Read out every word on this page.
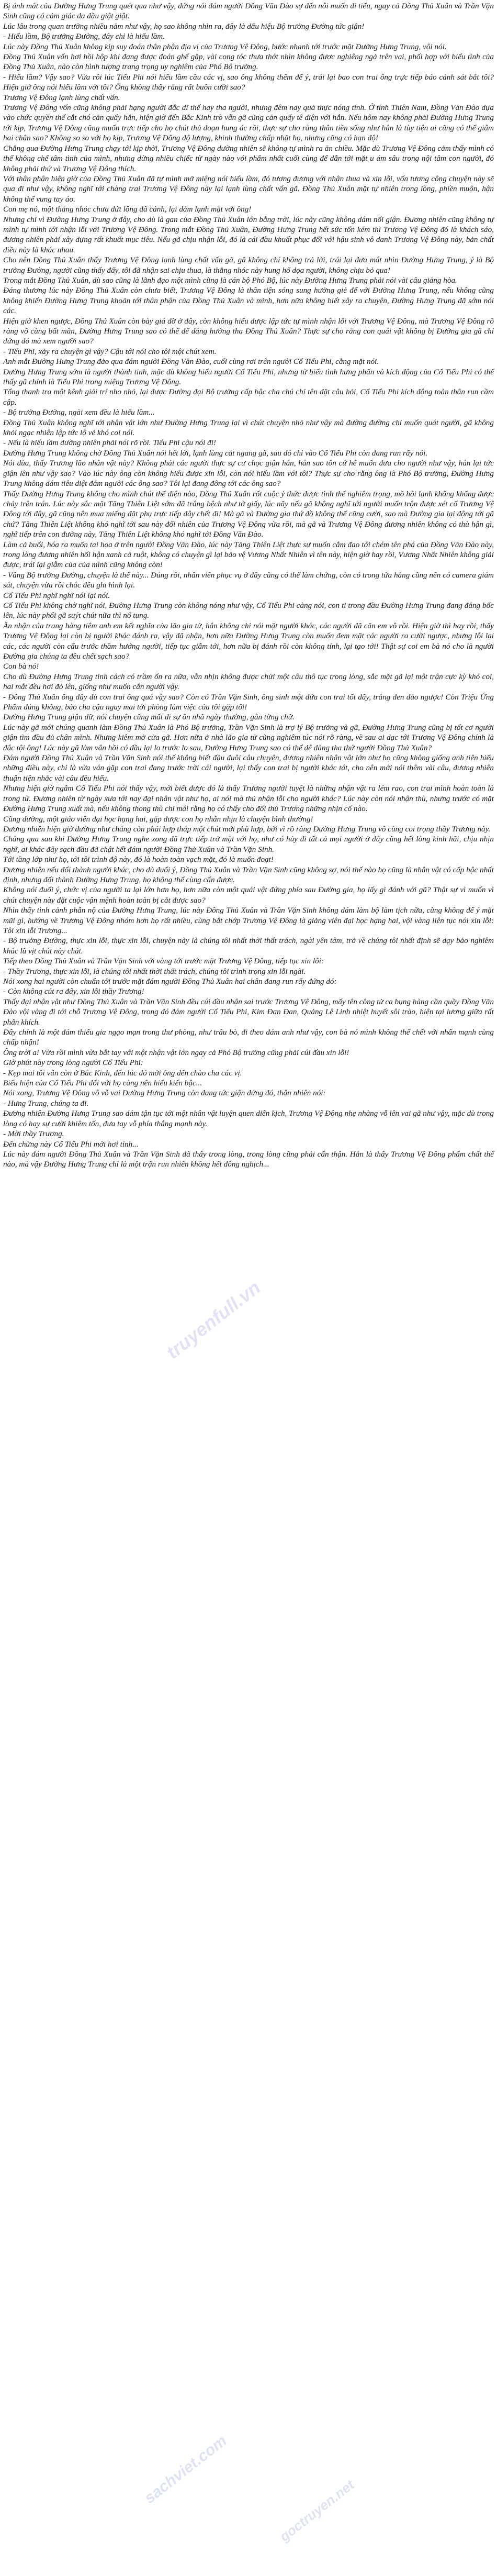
Bị ánh mắt của Đường Hưng Trung quét qua như vậy, đứng nói đám người Đồng Văn Đào sợ đến nỗi muốn đi tiểu, ngay cả Đồng Thủ Xuân và Trần Vặn Sinh cũng có cảm giác da đầu giật giật.

Lúc lâu trong quan trường nhiều năm như vậy, họ sao không nhìn ra, đây là dấu hiệu Bộ trưởng Đường tức giận!

- Hiểu lầm, Bộ trưởng Đường, đây chỉ là hiểu lầm.

Lúc này Đồng Thủ Xuân không kịp suy đoán thân phận địa vị của Trương Vệ Đông, bước nhanh tới trước mặt Đường Hưng Trung, vội nói.

Đồng Thủ Xuân vốn hơi hồi hộp khi đang được đoán ghế gặp, vài cọng tóc thưa thớt nhìn không được nghiêng ngả trên vai, phối hợp với biểu tình của Đồng Thủ Xuân, nào còn hình tượng trang trọng uy nghiêm của Phó Bộ trưởng.

- Hiểu lầm? Vậy sao? Vừa rồi lúc Tiểu Phi nói hiểu lầm cầu các vị, sao ông không thêm để ý, trái lại bao con trai ông trực tiếp báo cảnh sát bắt tôi? Hiện giờ ông nói hiểu lầm với tôi? Ông không thấy rằng rất buồn cười sao?

Trương Vệ Đông lạnh lùng chất vấn.

Trương Vệ Đông vốn cũng không phải hạng người đắc dĩ thế hay tha người, nhưng đêm nay quả thực nóng tính. Ở tính Thiên Nam, Đồng Văn Đào dựa vào chức quyền thế cắt chó căn quấy hẳn, hiện giờ đến Bắc Kinh trò vẫn gã cũng căn quấy tê diện với hắn. Nếu hôm nay không phải Đường Hưng Trung tới kịp, Trương Vệ Đông cũng muốn trực tiếp cho họ chút thủ đoạn hung ác rồi, thực sự cho rằng thân tiền sống như hắn là tùy tiện ai cũng có thể giẫm hai chân sao? Không so so với họ kịp, Trương Vệ Đông độ lượng, khinh thường chấp nhặt họ, nhưng cũng có hạn độ!

Chẳng qua Đường Hưng Trung chạy tới kịp thời, Trương Vệ Đông dường nhiên sẽ không tự mình ra ăn chiều. Mặc dù Trương Vệ Đông cảm thấy mình có thể không chế tâm tình của mình, nhưng dừng nhiều chiếc từ ngày nào vói phẩm nhất cuối cùng để dẫn tới mặt u ám sâu trong nội tâm con người, đó không phải thứ và Trương Vệ Đông thích.

Với thân phận hiện giờ của Đồng Thủ Xuân đã tự mình mở miệng nói hiểu lầm, đó tương đương với nhận thua và xin lỗi, vốn tương công chuyện này sẽ qua đi như vậy, không nghĩ tới chàng trai Trương Vệ Đông này lại lạnh lùng chất vấn gã. Đồng Thủ Xuân mặt tự nhiên trong lòng, phiền muộn, hận không thể vung tay áo.

Con mẹ nó, một thằng nhóc chưa dứt lông đã cánh, lại dám lạnh mặt với ông!

Nhưng chỉ vì Đường Hưng Trung ở đây, cho dù là gan của Đồng Thủ Xuân lớn bằng trời, lúc này cũng không dám nổi giận. Đương nhiên cũng không tự mình tự mình tới nhận lỗi với Trương Vệ Đông. Trong mắt Đồng Thủ Xuân, Đường Hưng Trung hết sức tốn kém thì Trương Vệ Đông đó là khách sáo, đương nhiên phải xây dựng rất khuất mục tiêu. Nếu gã chịu nhận lỗi, đó là cái đầu khuất phục đối với hậu sinh vô danh Trương Vệ Đông này, bản chất điều này là khác nhau.

Cho nên Đồng Thủ Xuân thấy Trương Vệ Đông lạnh lùng chất vấn gã, gã không chí không trả lời, trái lại đưa mắt nhìn Đường Hưng Trung, ý là Bộ trưởng Đường, người cũng thấy đấy, tôi đã nhận sai chịu thua, là thằng nhóc này hung hổ dọa người, không chịu bỏ qua!

Trong mắt Đồng Thủ Xuân, dù sao cũng là lãnh đạo một mình cũng là cán bộ Phó Bộ, lúc này Đường Hưng Trung phải nói vài câu giảng hòa.

Đáng thương lúc này Đồng Thủ Xuân còn chưa biết, Trương Vệ Đông là thân tiện sóng sung hưởng giẻ đế với Đường Hưng Trung, nếu không cũng không khiến Đường Hưng Trung khoản tới thân phận của Đồng Thủ Xuân và mình, hơn nữa không biết xây ra chuyện, Đường Hưng Trung đã sớm nói các.

Hiện giờ khen ngược, Đồng Thủ Xuân còn bày giá đỡ ở đây, còn không hiểu được lập tức tự mình nhận lỗi với Trương Vệ Đông, mà Trương Vệ Đông rõ ràng vô cùng bất mãn, Đường Hưng Trung sao có thể để dáng hướng tha Đồng Thủ Xuân? Thực sự cho rằng con quái vật không bị Đường gia gã chỉ đứng đó mà xem ngưỡi sao?

- Tiểu Phi, xảy ra chuyện gì vậy? Cậu tới nói cho tôi một chút xem.

Anh mắt Đường Hưng Trung đảo qua đám người Đồng Văn Đào, cuối cùng rơi trên người Cổ Tiểu Phi, cằng mặt nói.

Đường Hưng Trung sớm là người thành tinh, mặc dù không hiểu người Cổ Tiểu Phi, nhưng từ biểu tình hưng phấn và kích động của Cổ Tiểu Phi có thể thấy gã chính là Tiểu Phi trong miệng Trương Vệ Đông.

Tổng thanh tra một kênh giải trí nho nhỏ, lại được Đường đại Bộ trưởng cấp bậc cha chú chỉ tên đặt câu hỏi, Cổ Tiểu Phi kích động toàn thân run cầm cập.

- Bộ trưởng Đường, ngài xem đều là hiểu lầm...

Đồng Thủ Xuân không nghĩ tới nhân vật lớn như Đường Hưng Trung lại vì chút chuyện nhỏ như vậy mà đường đường chỉ muốn quát người, gã không khỏi ngạc nhiên lập tức lộ vẻ khó coi nói.

- Nếu là hiểu lầm dường nhiên phải nói rõ rồi. Tiểu Phi cậu nói đi!

Đường Hưng Trung không chờ Đồng Thủ Xuân nói hết lời, lạnh lùng cắt ngang gã, sau đó chỉ vào Cổ Tiểu Phi còn đang run rẩy nói.

Nói đùa, thấy Trương lão nhân vật này? Không phải các người thực sự cư chọc giận hắn, hẳn sao tôn cứ hễ muốn đưa cho người như vậy, hắn lại tức giận lên như vậy sao? Vào lúc này ông còn không hiểu được xin lỗi, còn nói hiểu lầm với tôi? Thực sự cho rằng ông là Phó Bộ trưởng, Đường Hưng Trung không dám tiêu diệt đám người các ông sao? Tôi lại đang đông tới các ông sao?

Thấy Đường Hưng Trung không cho mình chút thể diện nào, Đồng Thủ Xuân rốt cuộc ý thức được tình thế nghiêm trọng, mồ hôi lạnh không khống được chảy trên trán. Lúc này sắc mặt Tăng Thiên Liệt sớm đã trắng bệch như tờ giấy, lúc nãy nếu gã không nghĩ tới người muốn trộn được xét cổ Trương Vệ Đông tới đây, gã cũng nên mua miếng đặt phụ trực tiếp đây chết đi! Mà gã và Đường gia thứ đồ không thể cũng cười, sao mà Đường gia lại động tới gã chứ? Tăng Thiên Liệt không khó nghĩ tới sau này đối nhiên của Trương Vệ Đông vừa rồi, mà gã và Trương Vệ Đông đương nhiên không có thù hận gì, nghĩ tiếp trên con đường này, Tăng Thiên Liệt không khó nghĩ tới Đồng Văn Đào.

Làm cả buổi, hóa ra muốn tai họa ở trên người Đồng Văn Đào, lúc này Tăng Thiên Liệt thực sự muốn cắm đao tới chém tên phá của Đồng Văn Đào này, trong lòng đương nhiên hối hận xanh cả ruột, không có chuyện gì lại bảo vệ Vương Nhất Nhiên vì tên này, hiện giờ hay rồi, Vương Nhất Nhiên không giải được, trái lại giẫm của của mình cũng không còn!

- Vâng Bộ trưởng Đường, chuyện là thế này... Đúng rồi, nhân viên phục vụ ở đây cũng có thể làm chứng, còn có trong tửa hàng cũng nên có camera giám sát, chuyện vừa rồi chắc đều ghi hình lại.

Cổ Tiểu Phi nghĩ nghĩ nói lại nói.

Cổ Tiểu Phi không chờ nghĩ nói, Đường Hưng Trung còn không nóng như vậy, Cổ Tiểu Phi càng nói, con ti trong đầu Đường Hưng Trung đang đăng bốc lên, lúc này phổi gã suýt chút nữa thì nổ tung.

Ăn nhận của trang hàng tiêm anh em kết nghĩa của lão gia tử, hắn không chỉ nói mặt người khác, các người đã căn em vô rồi. Hiện giờ thì hay rồi, thấy Trương Vệ Đông lại còn bị người khác đánh ra, vậy đã nhận, hơn nữa Đường Hưng Trung còn muốn đem mặt các người ra cười ngược, nhưng lỗi lại các, các người còn cẩu trước thầm hướng người, tiếp tục giẫm tới, hơn nữa bị đánh rồi còn không tính, lại tạo tới! Thật sự coi em bà nó cho là người Đường gia chúng ta đều chết sạch sao?

Con bà nó!

Cho dù Đường Hưng Trung tinh cách có trầm ổn ra nữa, vẫn nhịn không được chửi một câu thô tục trong lòng, sắc mặt gã lại một trận cực kỳ khó coi, hai mắt đều hơi đỏ lên, giống như muốn cắn người vậy.

- Đồng Thủ Xuân ông đây đủ con trai ông quá vậy sao? Còn có Trần Vặn Sinh, ông sinh một đứa con trai tốt đấy, trắng đen đảo ngược! Còn Triệu Ứng Phẩm đúng không, bảo cha cậu ngay mai tới phòng làm việc của tôi gặp tôi!

Đường Hưng Trung giận dữ, nói chuyện cũng mất đi sự ôn nhã ngày thường, gằn từng chữ.

Lúc này gã mới chúng quanh làm Đồng Thủ Xuân là Phó Bộ trưởng, Trần Vặn Sinh là trợ lý Bộ trưởng và gã, Đường Hưng Trung cũng bị tốt cơ người giận tìm đầu đủ chân mình. Nhưng kiêm mở cửa gã. Hơn nữa ở nhà lão gia tử cũng nghiêm túc nói rõ ràng, về sau ai dạc tới Trương Vệ Đông chính là đắc tội ông! Lúc này gã làm vân hồi có đầu lại lo trước lo sau, Đường Hưng Trung sao có thể dễ dàng tha thứ người Đồng Thủ Xuân?

Đám người Đồng Thủ Xuân và Trần Vặn Sinh nói thế không biết đầu đuôi câu chuyện, đương nhiên nhân vật lớn như họ cũng không giống anh tiên hiểu những điều này, chỉ là vừa ván gặp con trai đang trước trời cái người, lại thấy con trai bị người khác tát, cho nên mới nói thêm vài câu, đương nhiên thuận tiện nhắc vài câu đều hiểu.

Nhưng hiện giờ ngẫm Cổ Tiểu Phi nói thấy vậy, mới biết được đó là thấy Trương người tuyệt là những nhận vật ra lém rao, con trai mình hoàn toàn là trong từ. Đương nhiên từ ngày xưa tới nay đại nhân vật như họ, ai nói mà thủ nhận lỗi cho người khác? Lúc này còn nói nhận thù, nhưng trước có mặt Đường Hưng Trung xuất mà, nếu không thong thù chỉ mái rằng họ có thấy cho đối thủ Trương những nhịn cố nào.

Cũng dường, một giáo viên đại học hạng hai, gặp được con họ nhẫn nhịn là chuyện bình thường!

Đương nhiên hiện giờ dường như chẳng còn phải hợp tháp một chút mới phù hợp, bởi vì rõ ràng Đường Hưng Trung vô cùng coi trọng thầy Trương này.

Chẳng qua sau khi Đường Hưng Trung nghe xong đã trực tiếp trở mặt với họ, như có hủy đi tất cả mọi người ở đây cũng hết lòng kinh hãi, chịu nhịn nghĩ, ai khác đây sạch đầu đã chật hết đám người Đồng Thủ Xuân và Trần Vặn Sinh.

Tới tầng lớp như họ, tới tôi trình độ này, đó là hoàn toàn vạch mặt, đó là muốn đoạt!

Đương nhiên nếu đối thành người khác, cho dù đuổi ý, Đồng Thủ Xuân và Trần Vặn Sinh cũng không sợ, nói thế nào họ cũng là nhân vật có cấp bậc nhất định, nhưng đối thành Đường Hưng Trung, họ không thể cùng cấn được.

Không nói đuổi ý, chức vị của người ta lại lớn hơn họ, hơn nữa còn một quái vật đứng phía sau Đường gia, họ lấy gì đánh với gã? Thật sự vì muốn vì chút chuyện này đặt cuộc vận mệnh hoàn toàn bị cắt được sao?

Nhìn thấy tình cảnh phẫn nộ của Đường Hưng Trung, lúc này Đồng Thủ Xuân và Trần Vặn Sinh không dám làm bộ làm tịch nữa, cũng không để ý mặt mũi gì, hướng về Trương Vệ Đông nhóm hơn họ rất nhiều, cùng bắt chớp Trương Vệ Đông là giảng viên đại học hạng hai, vội vàng liên tục nói xin lỗi: Tôi xin lỗi Trương...

- Bộ trưởng Đường, thực xin lỗi, thực xin lỗi, chuyện này là chúng tôi nhất thời thất trách, ngài yên tâm, trở về chúng tôi nhất định sẽ dạy bảo nghiêm khắc lũ vịt chút này chát.

Tiếp theo Đồng Thủ Xuân và Trần Vặn Sinh với vàng tới trước mặt Trương Vệ Đông, tiếp tục xin lỗi:

- Thầy Trương, thực xin lỗi, là chúng tôi nhất thời thất trách, chúng tôi trình trọng xin lỗi ngài.

Nói xong hai người còn chuẩn tới trước mặt đám người Đồng Thủ Xuân hai chân đang run rẩy đứng dó:

- Còn không cút ra đây, xin lỗi thầy Trương!

Thấy đại nhận vật như Đồng Thủ Xuân và Trần Vặn Sinh đều cúi đầu nhận sai trước Trương Vệ Đông, mấy tên công tử ca bụng hàng cần quầy Đồng Văn Đào vội vàng đi tới chỗ Trương Vệ Đông, trong đó đám người Cổ Tiểu Phi, Kim Đan Đan, Quảng Lệ Linh nhiệt huyết sôi trào, hiện tại lương giữa rất phẫn khích.

Đây chính là một đám thiếu gia ngạo mạn trong thư phòng, như trâu bò, đi theo đám anh như vậy, con bà nó mình không thể chết với nhấn mạnh cùng chấp nhận!

Ông trời a! Vừa rồi mình vừa bắt tay với một nhận vật lớn ngay cả Phó Bộ trưởng cũng phải cúi đầu xin lỗi!

Giờ phút này trong lòng người Cổ Tiểu Phi:

- Kẹp mai tôi vẫn còn ở Bắc Kinh, đến lúc đó mời ông đến chào cha các vị.

Biểu hiện của Cổ Tiểu Phi đối với họ càng nên hiểu kiến bậc...

Nói xong, Trương Vệ Đông vỗ vỗ vai Đường Hưng Trung còn đang tức giận đứng đó, thân nhiên nói:

- Hưng Trung, chúng ta đi.

Đương nhiên Đường Hưng Trung sao dám tận tục tới một nhân vật luyện quen diễn kịch, Trương Vệ Đông nhẹ nhàng vỗ lên vai gã như vậy, mặc dù trong lòng có hay sự cười khiêm tốn, đưa tay vỗ phía thắng mạnh này.

- Mời thầy Trương.

Đến chừng này Cổ Tiểu Phi mới hơi tỉnh...

Lúc này đám người Đồng Thủ Xuân và Trần Vặn Sinh đã thấy trong lòng, trong lòng cũng phải cẩn thận. Hẳn là thấy Trương Vệ Đông phẩm chất thể nào, mà vậy Đường Hưng Trung chỉ là một trận run nhiên không hết đông nghịch...

truyenfull.vn
sachviet.com
goctruyen.net
